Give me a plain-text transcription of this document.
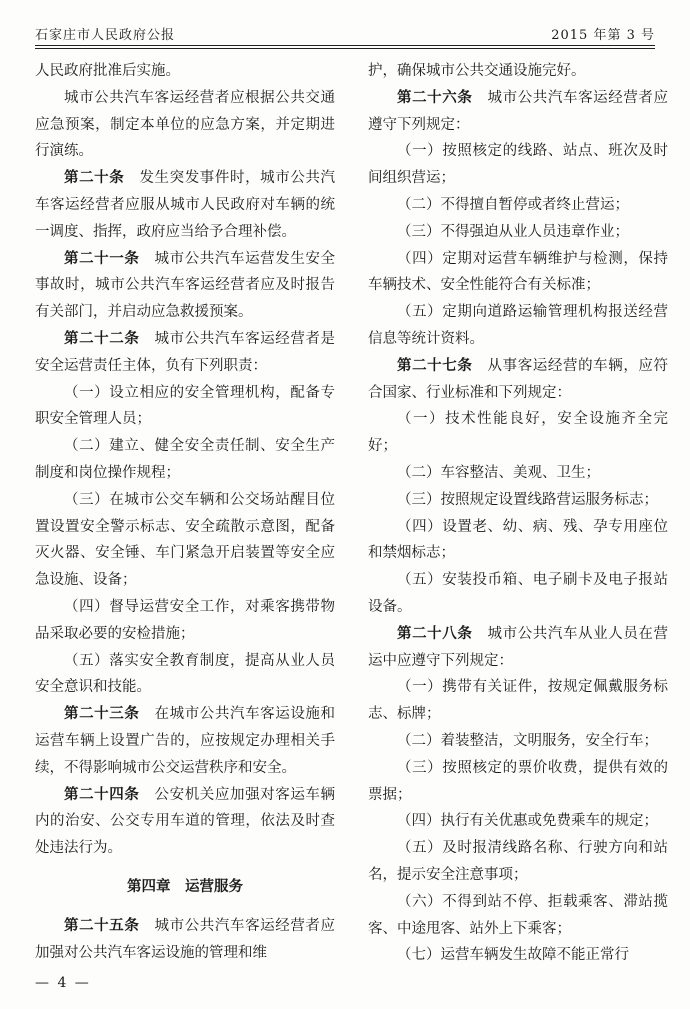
石家庄市人民政府公报	2015 年第 3 号

人民政府批准后实施。

城市公共汽车客运经营者应根据公共交通应急预案，制定本单位的应急方案，并定期进行演练。

第二十条　发生突发事件时，城市公共汽车客运经营者应服从城市人民政府对车辆的统一调度、指挥，政府应当给予合理补偿。

第二十一条　城市公共汽车运营发生安全事故时，城市公共汽车客运经营者应及时报告有关部门，并启动应急救援预案。

第二十二条　城市公共汽车客运经营者是安全运营责任主体，负有下列职责：

（一）设立相应的安全管理机构，配备专职安全管理人员；

（二）建立、健全安全责任制、安全生产制度和岗位操作规程；

（三）在城市公交车辆和公交场站醒目位置设置安全警示标志、安全疏散示意图，配备灭火器、安全锤、车门紧急开启装置等安全应急设施、设备；

（四）督导运营安全工作，对乘客携带物品采取必要的安检措施；

（五）落实安全教育制度，提高从业人员安全意识和技能。

第二十三条　在城市公共汽车客运设施和运营车辆上设置广告的，应按规定办理相关手续，不得影响城市公交运营秩序和安全。

第二十四条　公安机关应加强对客运车辆内的治安、公交专用车道的管理，依法及时查处违法行为。

第四章　运营服务

第二十五条　城市公共汽车客运经营者应加强对公共汽车客运设施的管理和维

护，确保城市公共交通设施完好。

第二十六条　城市公共汽车客运经营者应遵守下列规定：

（一）按照核定的线路、站点、班次及时间组织营运；

（二）不得擅自暂停或者终止营运；

（三）不得强迫从业人员违章作业；

（四）定期对运营车辆维护与检测，保持车辆技术、安全性能符合有关标准；

（五）定期向道路运输管理机构报送经营信息等统计资料。

第二十七条　从事客运经营的车辆，应符合国家、行业标准和下列规定：

（一）技术性能良好，安全设施齐全完好；

（二）车容整洁、美观、卫生；

（三）按照规定设置线路营运服务标志；

（四）设置老、幼、病、残、孕专用座位和禁烟标志；

（五）安装投币箱、电子刷卡及电子报站设备。

第二十八条　城市公共汽车从业人员在营运中应遵守下列规定：

（一）携带有关证件，按规定佩戴服务标志、标牌；

（二）着装整洁，文明服务，安全行车；

（三）按照核定的票价收费，提供有效的票据；

（四）执行有关优惠或免费乘车的规定；

（五）及时报清线路名称、行驶方向和站名，提示安全注意事项；

（六）不得到站不停、拒载乘客、滞站揽客、中途甩客、站外上下乘客；

（七）运营车辆发生故障不能正常行

— 4 —
